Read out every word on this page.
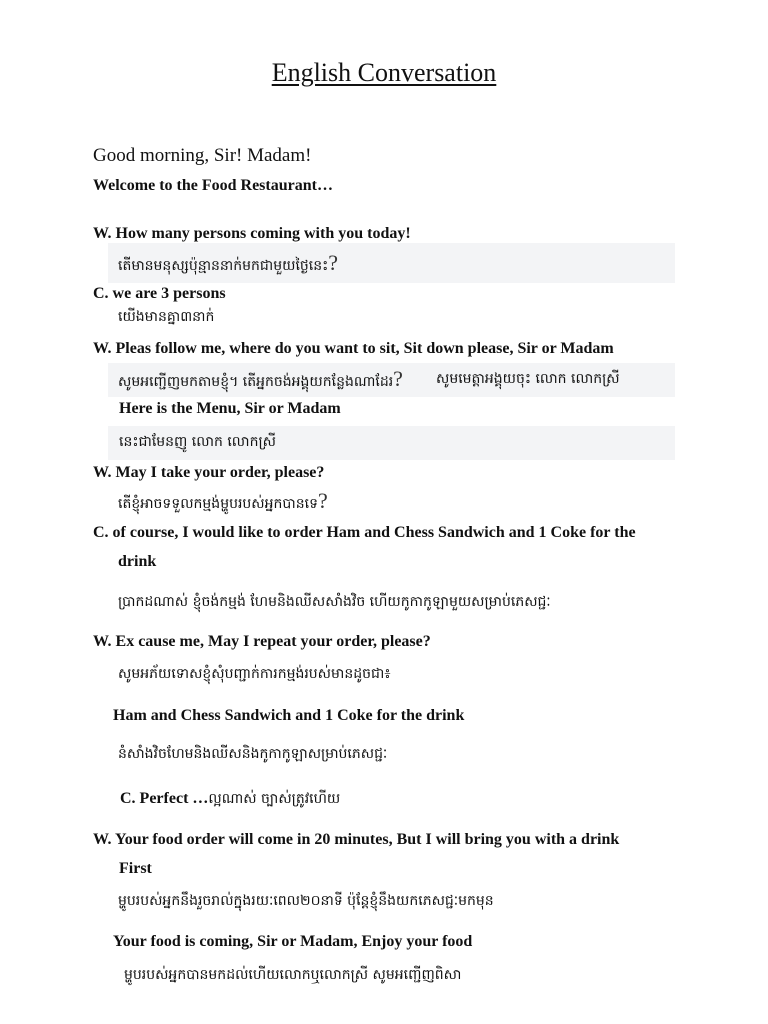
English Conversation
Good morning, Sir! Madam!
Welcome to the Food Restaurant…
W. How many persons coming with you today!
តើមានមនុស្សប៉ុន្មាននាក់មកជាមួយថ្ងៃនេះ?
C. we are 3 persons
យើងមានគ្នា៣នាក់
W. Pleas follow me, where do you want to sit, Sit down please, Sir or Madam
សូមអញ្ជើញមកតាមខ្ញុំ។ តើអ្នកចង់អង្គុយកន្លែងណាដែរ? សូមមេត្តាអង្គុយចុះ លោក លោកស្រី
Here is the Menu, Sir or Madam
នេះជាមែនញូ លោក លោកស្រី
W. May I take your order, please?
តើខ្ញុំអាចទទួលកម្មង់ម្ហូបរបស់អ្នកបានទេ?
C. of course, I would like to order Ham and Chess Sandwich and 1 Coke for the
drink
ប្រាកដណាស់ ខ្ញុំចង់កម្មង់ ហែមនិងឈីសសាំងវិច ហើយកូកាកូឡាមួយសម្រាប់ភេសជ្ជៈ
W. Ex cause me, May I repeat your order, please?
សូមអភ័យទោសខ្ញុំសុំបញ្ជាក់ការកម្មង់របស់មានដូចជា៖
Ham and Chess Sandwich and 1 Coke for the drink
នំសាំងវិចហែមនិងឈីសនិងកូកាកូឡាសម្រាប់ភេសជ្ជៈ
C. Perfect …ល្អណាស់ ច្បាស់ត្រូវហើយ
W. Your food order will come in 20 minutes, But I will bring you with a drink
First
ម្ហូបរបស់អ្នកនឹងរួចរាល់ក្នុងរយៈពេល២០នាទី ប៉ុន្តែខ្ញុំនឹងយកភេសជ្ជៈមកមុន
Your food is coming, Sir or Madam, Enjoy your food
ម្ហូបរបស់អ្នកបានមកដល់ហើយលោកឬលោកស្រី សូមអញ្ជើញពិសា
